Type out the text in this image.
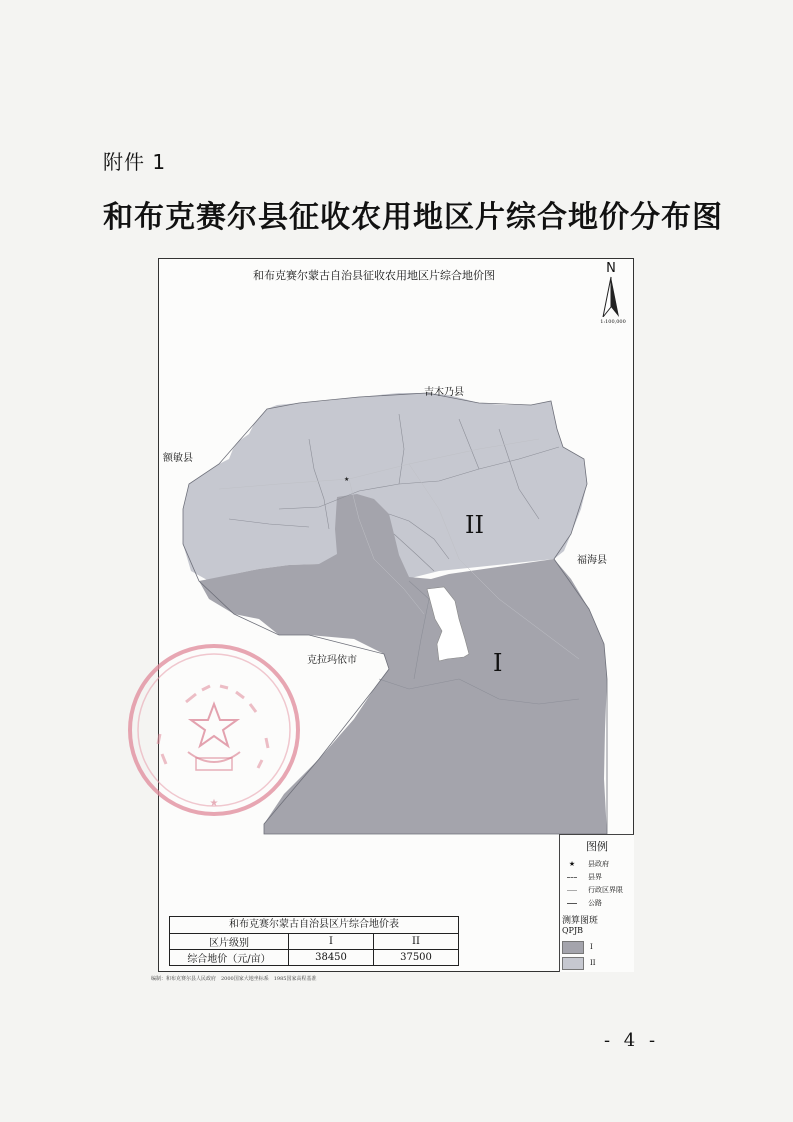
附件 1
和布克赛尔县征收农用地区片综合地价分布图
和布克赛尔蒙古自治县征收农用地区片综合地价图	N
1:100,000
★
吉木乃县
额敏县
福海县
克拉玛依市
II
I
图例
★	县政府
县界
行政区界限
公路
测算图斑
QPJB
I
II
和布克赛尔蒙古自治县区片综合地价表
区片级别	I	II
综合地价（元/亩）	38450	37500
编制：和布克赛尔县人民政府　2000国家大地坐标系　1985国家高程基准
★
- 4 -
